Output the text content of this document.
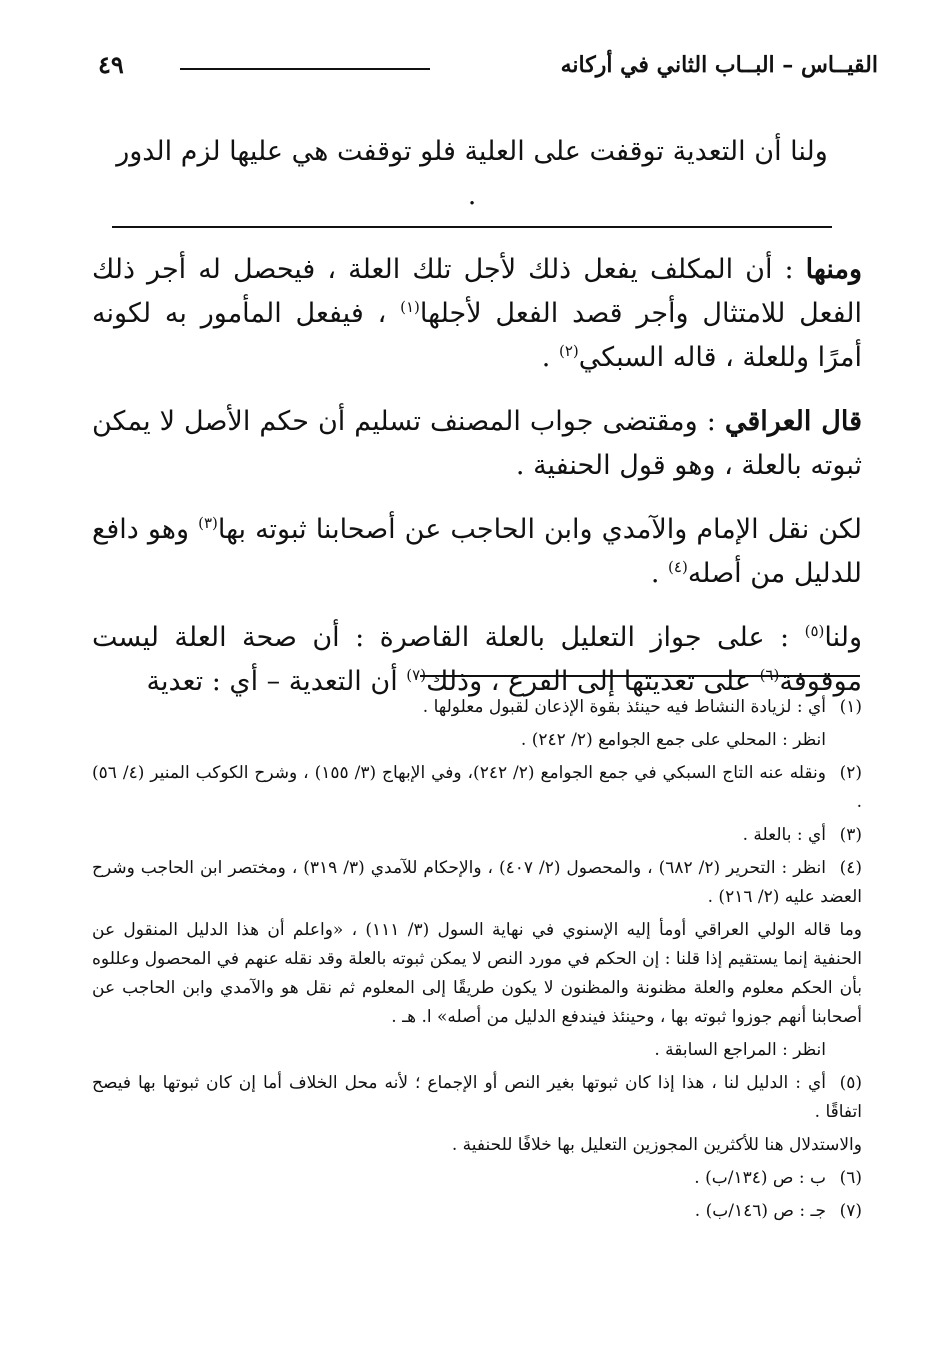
القيــاس – البــاب الثاني في أركانه
٤٩

ولنا أن التعدية توقفت على العلية فلو توقفت هي عليها لزم الدور .

ومنها : أن المكلف يفعل ذلك لأجل تلك العلة ، فيحصل له أجر ذلك الفعل للامتثال وأجر قصد الفعل لأجلها$^{(١)}$ ، فيفعل المأمور به لكونه أمرًا وللعلة ، قاله السبكي$^{(٢)}$ .

قال العراقي : ومقتضى جواب المصنف تسليم أن حكم الأصل لا يمكن ثبوته بالعلة ، وهو قول الحنفية .

لكن نقل الإمام والآمدي وابن الحاجب عن أصحابنا ثبوته بها$^{(٣)}$ وهو دافع للدليل من أصله$^{(٤)}$ .

ولنا$^{(٥)}$ : على جواز التعليل بالعلة القاصرة : أن صحة العلة ليست موقوفة$^{(٦)}$ على تعديتها إلى الفرع ، وذلك$^{(٧)}$ أن التعدية – أي : تعدية

(١)أي : لزيادة النشاط فيه حينئذ بقوة الإذعان لقبول معلولها .
انظر : المحلي على جمع الجوامع (٢/ ٢٤٢) .
(٢)ونقله عنه التاج السبكي في جمع الجوامع (٢/ ٢٤٢)، وفي الإبهاج (٣/ ١٥٥) ، وشرح الكوكب المنير (٤/ ٥٦) .
(٣)أي : بالعلة .
(٤)انظر : التحرير (٢/ ٦٨٢) ، والمحصول (٢/ ٤٠٧) ، والإحكام للآمدي (٣/ ٣١٩) ، ومختصر ابن الحاجب وشرح العضد عليه (٢/ ٢١٦) .
وما قاله الولي العراقي أومأ إليه الإسنوي في نهاية السول (٣/ ١١١) ، «واعلم أن هذا الدليل المنقول عن الحنفية إنما يستقيم إذا قلنا : إن الحكم في مورد النص لا يمكن ثبوته بالعلة وقد نقله عنهم في المحصول وعللوه بأن الحكم معلوم والعلة مظنونة والمظنون لا يكون طريقًا إلى المعلوم ثم نقل هو والآمدي وابن الحاجب عن أصحابنا أنهم جوزوا ثبوته بها ، وحينئذ فيندفع الدليل من أصله» ا. هـ .
انظر : المراجع السابقة .
(٥)أي : الدليل لنا ، هذا إذا كان ثبوتها بغير النص أو الإجماع ؛ لأنه محل الخلاف أما إن كان ثبوتها بها فيصح اتفاقًا .
والاستدلال هنا للأكثرين المجوزين التعليل بها خلافًا للحنفية .
(٦)ب : ص (١٣٤/ب) .
(٧)جـ : ص (١٤٦/ب) .
